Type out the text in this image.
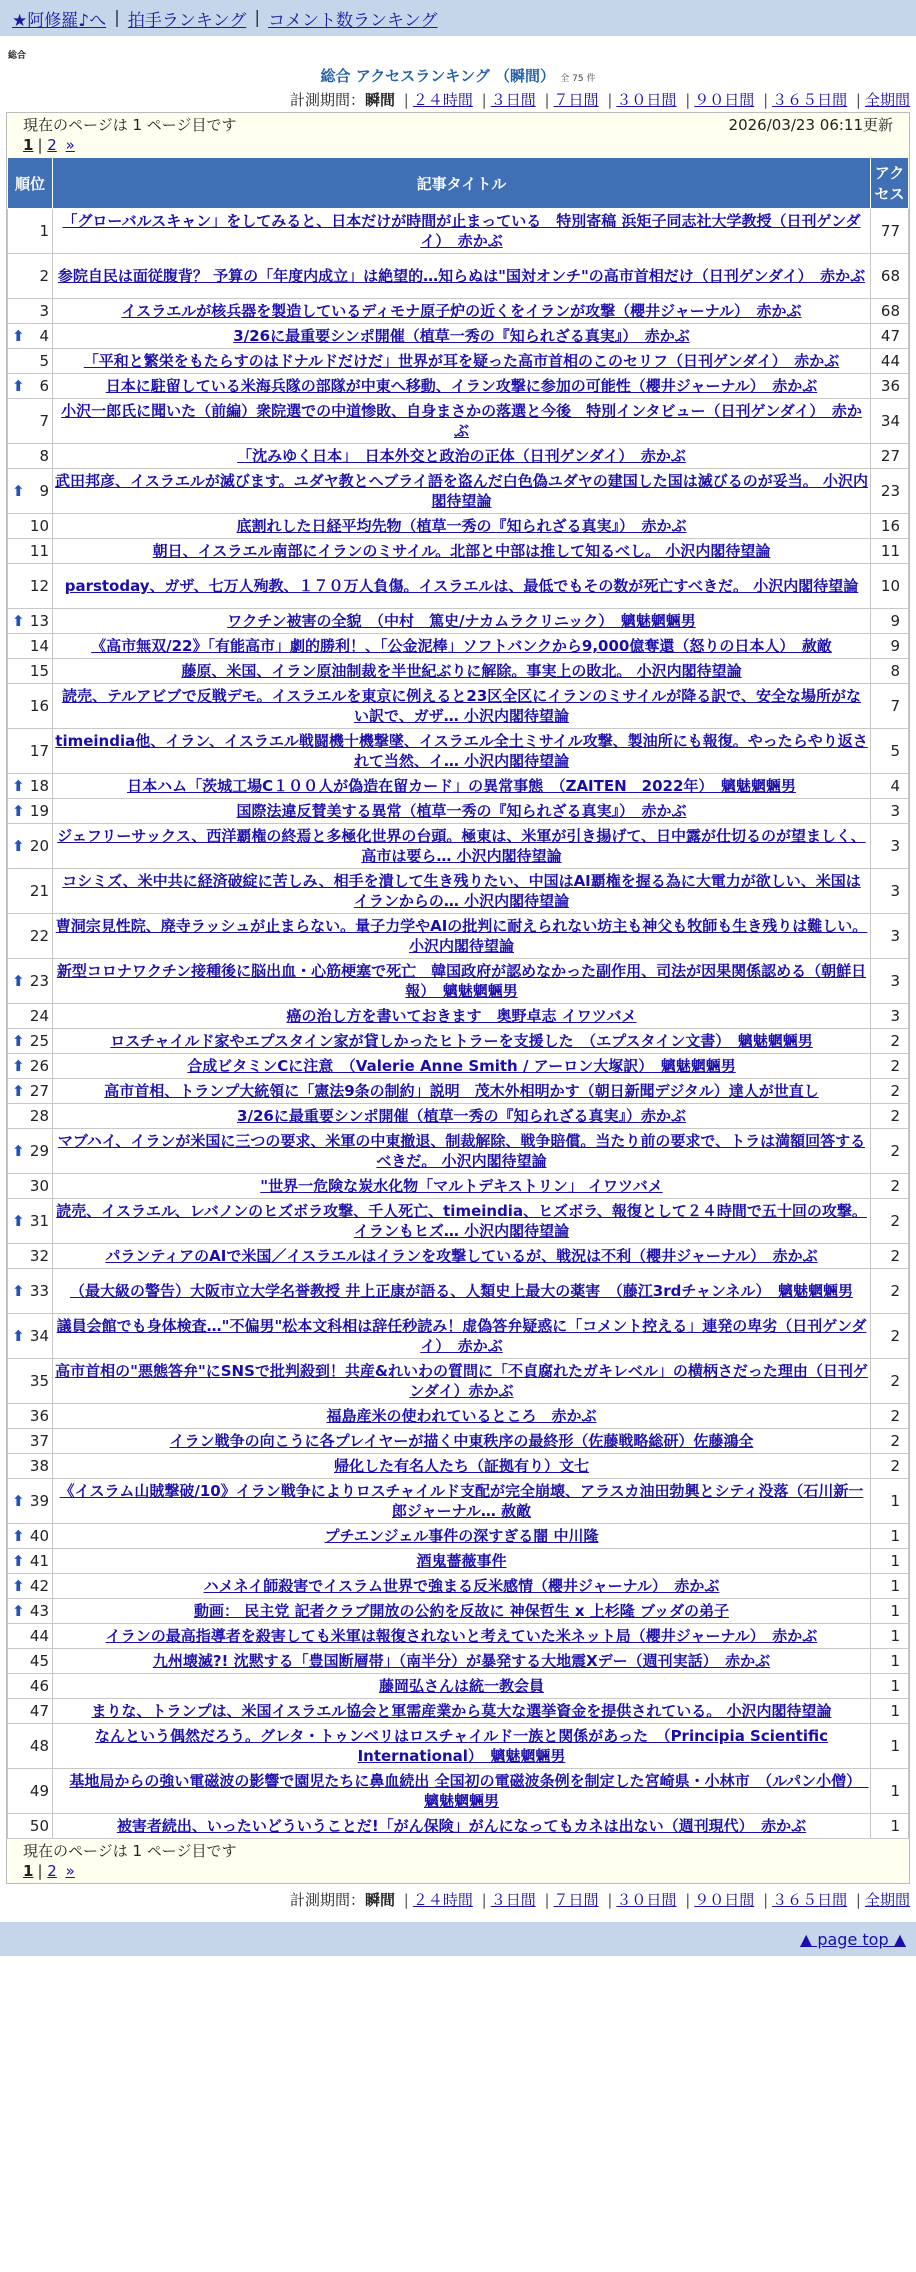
★阿修羅♪へ | 拍手ランキング | コメント数ランキング
総合
総合 アクセスランキング （瞬間） 全 75 件
計測期間：瞬間 | ２４時間 | ３日間 | ７日間 | ３０日間 | ９０日間 | ３６５日間 | 全期間
現在のページは 1 ページ目です	2026/03/23 06:11更新
1 | 2 »
順位	記事タイトル	アクセス
1	「グローバルスキャン」をしてみると、日本だけが時間が止まっている　特別寄稿 浜矩子同志社大学教授（日刊ゲンダイ）　赤かぶ	77
2	参院自民は面従腹背？ 予算の「年度内成立」は絶望的…知らぬは"国対オンチ"の高市首相だけ（日刊ゲンダイ）　赤かぶ	68
3	イスラエルが核兵器を製造しているディモナ原子炉の近くをイランが攻撃（櫻井ジャーナル）　赤かぶ	68

⬆ 4	3/26に最重要シンポ開催（植草一秀の『知られざる真実』）　赤かぶ	47
5	「平和と繁栄をもたらすのはドナルドだけだ」世界が耳を疑った高市首相のこのセリフ（日刊ゲンダイ）　赤かぶ	44

⬆ 6	日本に駐留している米海兵隊の部隊が中東へ移動、イラン攻撃に参加の可能性（櫻井ジャーナル）　赤かぶ	36
7	小沢一郎氏に聞いた（前編）衆院選での中道惨敗、自身まさかの落選と今後　特別インタビュー（日刊ゲンダイ）　赤かぶ	34
8	「沈みゆく日本」　日本外交と政治の正体（日刊ゲンダイ）　赤かぶ	27

⬆ 9	武田邦彦、イスラエルが滅びます。ユダヤ教とヘブライ語を盗んだ白色偽ユダヤの建国した国は滅びるのが妥当。 小沢内閣待望論	23
10	底割れした日経平均先物（植草一秀の『知られざる真実』）　赤かぶ	16
11	朝日、イスラエル南部にイランのミサイル。北部と中部は推して知るべし。 小沢内閣待望論	11
12	parstoday、ガザ、七万人殉教、１７０万人負傷。イスラエルは、最低でもその数が死亡すべきだ。 小沢内閣待望論	10

⬆ 13	ワクチン被害の全貌　（中村　篤史/ナカムラクリニック）　魑魅魍魎男	9
14	《高市無双/22》「有能高市」劇的勝利！、「公金泥棒」ソフトバンクから9,000億奪還（怒りの日本人）　赦敵	9
15	藤原、米国、イラン原油制裁を半世紀ぶりに解除。事実上の敗北。 小沢内閣待望論	8
16	読売、テルアビブで反戦デモ。イスラエルを東京に例えると23区全区にイランのミサイルが降る訳で、安全な場所がない訳で、ガザ… 小沢内閣待望論	7
17	timeindia他、イラン、イスラエル戦闘機十機撃墜、イスラエル全土ミサイル攻撃、製油所にも報復。やったらやり返されて当然、イ… 小沢内閣待望論	5

⬆ 18	日本ハム「茨城工場C１００人が偽造在留カード」の異常事態　（ZAITEN　2022年）　魑魅魍魎男	4

⬆ 19	国際法違反賛美する異常（植草一秀の『知られざる真実』）　赤かぶ	3

⬆ 20	ジェフリーサックス、西洋覇権の終焉と多極化世界の台頭。極東は、米軍が引き揚げて、日中露が仕切るのが望ましく、高市は要ら… 小沢内閣待望論	3
21	コシミズ、米中共に経済破綻に苦しみ、相手を潰して生き残りたい、中国はAI覇権を握る為に大電力が欲しい、米国はイランからの… 小沢内閣待望論	3
22	曹洞宗見性院、廃寺ラッシュが止まらない。量子力学やAIの批判に耐えられない坊主も神父も牧師も生き残りは難しい。 小沢内閣待望論	3

⬆ 23	新型コロナワクチン接種後に脳出血・心筋梗塞で死亡　韓国政府が認めなかった副作用、司法が因果関係認める（朝鮮日報）　魑魅魍魎男	3
24	癌の治し方を書いておきます　奥野卓志 イワツバメ	3

⬆ 25	ロスチャイルド家やエプスタイン家が貸しかったヒトラーを支援した　（エプスタイン文書）　魑魅魍魎男	2

⬆ 26	合成ビタミンCに注意　（Valerie Anne Smith / アーロン大塚訳）　魑魅魍魎男	2

⬆ 27	高市首相、トランプ大統領に「憲法9条の制約」説明　茂木外相明かす（朝日新聞デジタル）達人が世直し	2
28	3/26に最重要シンポ開催（植草一秀の『知られざる真実』）赤かぶ	2

⬆ 29	マブハイ、イランが米国に三つの要求、米軍の中東撤退、制裁解除、戦争賠償。当たり前の要求で、トラは満額回答するべきだ。 小沢内閣待望論	2
30	"世界一危険な炭水化物「マルトデキストリン」 イワツバメ	2

⬆ 31	読売、イスラエル、レバノンのヒズボラ攻撃、千人死亡、timeindia、ヒズボラ、報復として２４時間で五十回の攻撃。イランもヒズ… 小沢内閣待望論	2
32	パランティアのAIで米国／イスラエルはイランを攻撃しているが、戦況は不利（櫻井ジャーナル）　赤かぶ	2

⬆ 33	（最大級の警告）大阪市立大学名誉教授 井上正康が語る、人類史上最大の薬害　（藤江3rdチャンネル）　魑魅魍魎男	2

⬆ 34	議員会館でも身体検査…"不偏男"松本文科相は辞任秒読み！虚偽答弁疑惑に「コメント控える」連発の卑劣（日刊ゲンダイ）　赤かぶ	2
35	高市首相の"悪態答弁"にSNSで批判殺到！共産&れいわの質問に「不貞腐れたガキレベル」の横柄さだった理由（日刊ゲンダイ）赤かぶ	2
36	福島産米の使われているところ　赤かぶ	2
37	イラン戦争の向こうに各プレイヤーが描く中東秩序の最終形（佐藤戦略総研）佐藤鴻全	2
38	帰化した有名人たち（証拠有り）文七	2

⬆ 39	《イスラム山賊撃破/10》イラン戦争によりロスチャイルド支配が完全崩壊、アラスカ油田勃興とシティ没落（石川新一郎ジャーナル… 赦敵	1

⬆ 40	プチエンジェル事件の深すぎる闇 中川隆	1

⬆ 41	酒鬼薔薇事件	1

⬆ 42	ハメネイ師殺害でイスラム世界で強まる反米感情（櫻井ジャーナル）　赤かぶ	1

⬆ 43	動画： 民主党 記者クラブ開放の公約を反故に 神保哲生 x 上杉隆 ブッダの弟子	1
44	イランの最高指導者を殺害しても米軍は報復されないと考えていた米ネット局（櫻井ジャーナル）　赤かぶ	1
45	九州壊滅?! 沈黙する「豊国断層帯」（南半分）が暴発する大地震Xデー（週刊実話）　赤かぶ	1
46	藤岡弘さんは統一教会員	1
47	まりな、トランプは、米国イスラエル協会と軍需産業から莫大な選挙資金を提供されている。 小沢内閣待望論	1
48	なんという偶然だろう。グレタ・トゥンベリはロスチャイルド一族と関係があった　（Principia Scientific International）　魑魅魍魎男	1
49	基地局からの強い電磁波の影響で園児たちに鼻血続出 全国初の電磁波条例を制定した宮崎県・小林市　（ルパン小僧）　魑魅魍魎男	1
50	被害者続出、いったいどういうことだ!「がん保険」がんになってもカネは出ない（週刊現代）　赤かぶ	1
現在のページは 1 ページ目です
1 | 2 »
計測期間：瞬間 | ２４時間 | ３日間 | ７日間 | ３０日間 | ９０日間 | ３６５日間 | 全期間
▲ page top ▲
